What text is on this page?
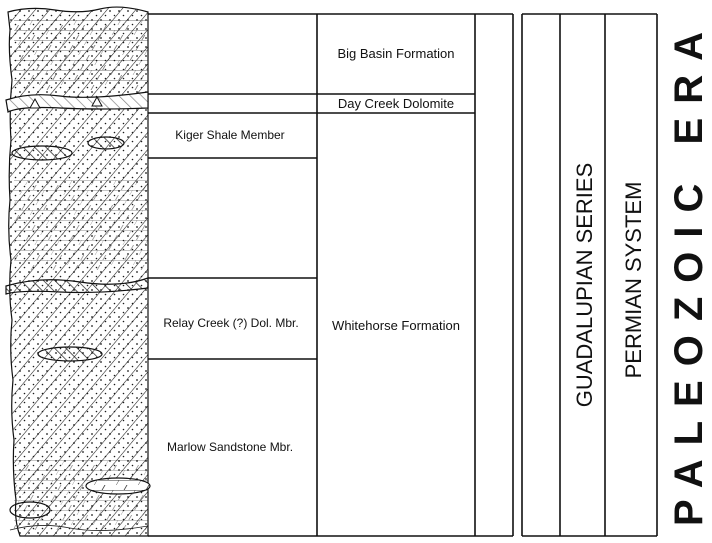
Kiger Shale Member
Relay Creek (?) Dol. Mbr.
Marlow Sandstone Mbr.
Big Basin Formation
Day Creek Dolomite
Whitehorse Formation	GUADALUPIAN SERIES PERMIAN SYSTEM PALEOZOIC ERA
